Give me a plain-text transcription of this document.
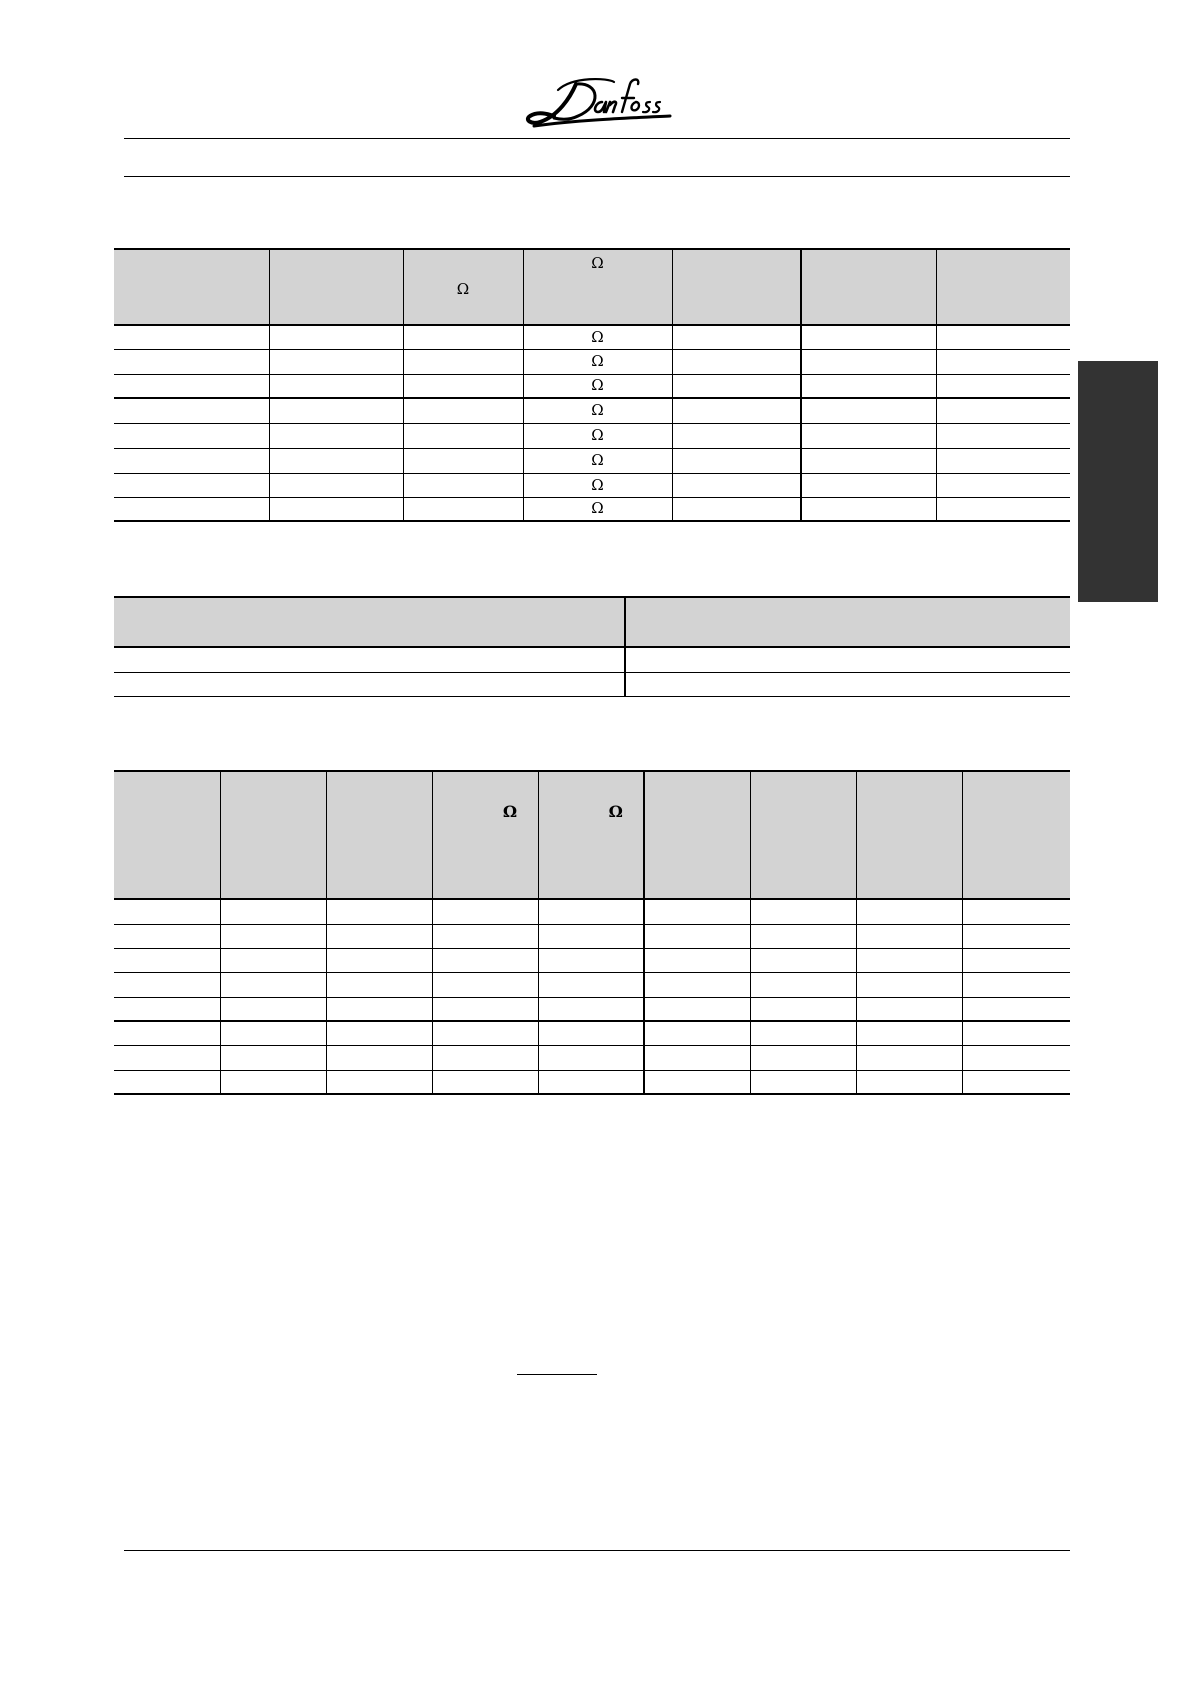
Danfoss
		Ω	Ω			

			Ω			
			Ω			
			Ω			
			Ω			
			Ω			
			Ω			
			Ω			
			Ω			

			Ω	Ω				
